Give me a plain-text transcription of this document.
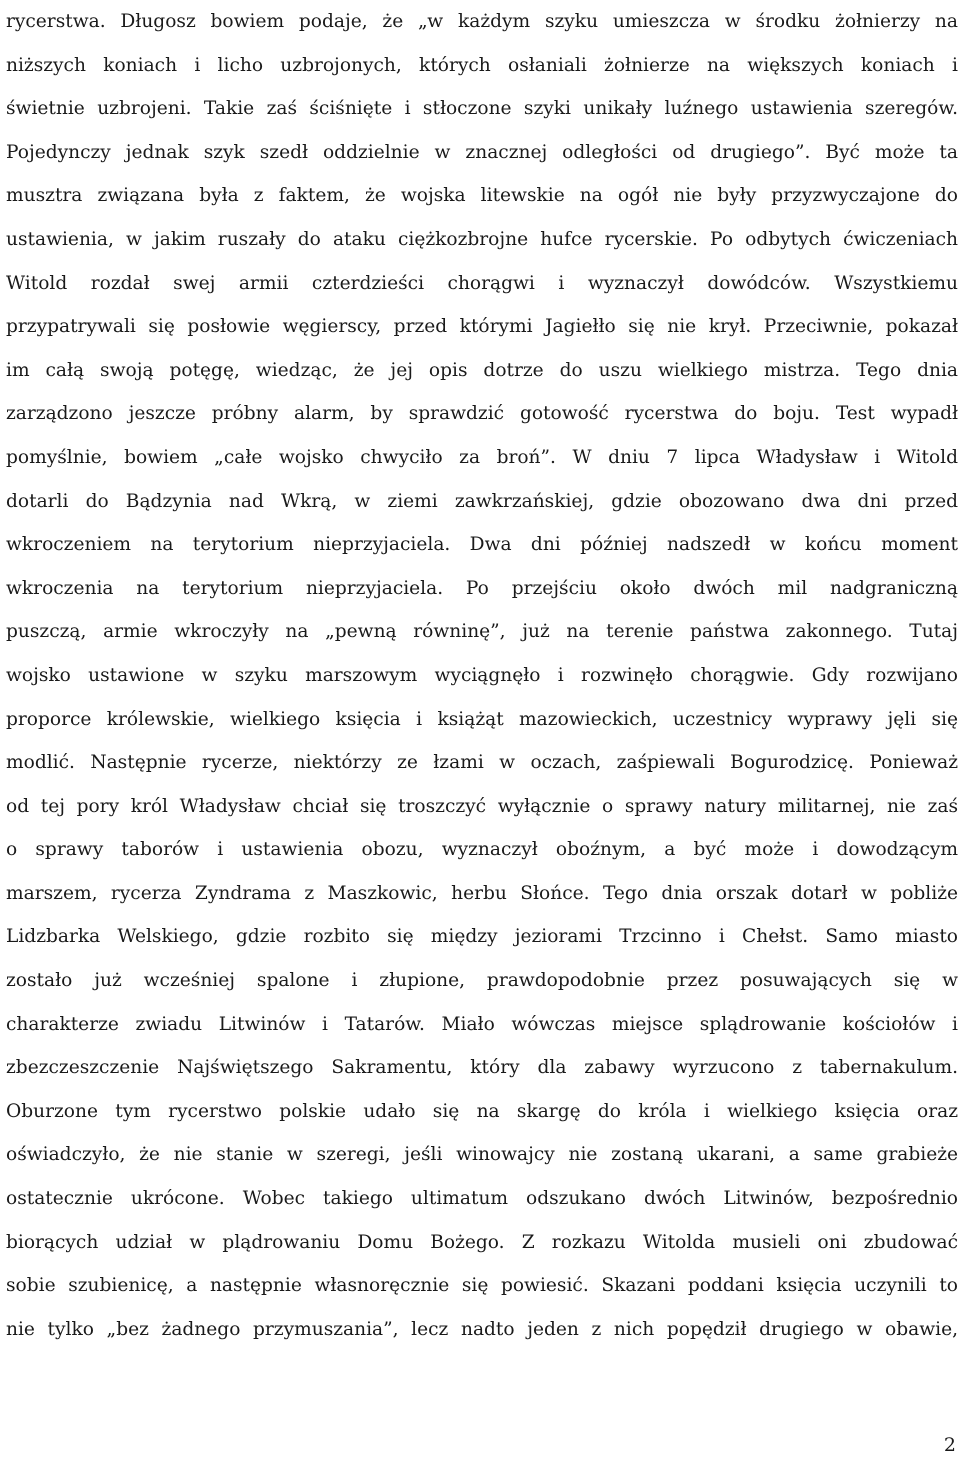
rycerstwa. Długosz bowiem podaje, że „w każdym szyku umieszcza w środku żołnierzy na
niższych koniach i licho uzbrojonych, których osłaniali żołnierze na większych koniach i
świetnie uzbrojeni. Takie zaś ściśnięte i stłoczone szyki unikały luźnego ustawienia szeregów.
Pojedynczy jednak szyk szedł oddzielnie w znacznej odległości od drugiego”. Być może ta
musztra związana była z faktem, że wojska litewskie na ogół nie były przyzwyczajone do
ustawienia, w jakim ruszały do ataku ciężkozbrojne hufce rycerskie. Po odbytych ćwiczeniach
Witold rozdał swej armii czterdzieści chorągwi i wyznaczył dowódców. Wszystkiemu
przypatrywali się posłowie węgierscy, przed którymi Jagiełło się nie krył. Przeciwnie, pokazał
im całą swoją potęgę, wiedząc, że jej opis dotrze do uszu wielkiego mistrza. Tego dnia
zarządzono jeszcze próbny alarm, by sprawdzić gotowość rycerstwa do boju. Test wypadł
pomyślnie, bowiem „całe wojsko chwyciło za broń”. W dniu 7 lipca Władysław i Witold
dotarli do Bądzynia nad Wkrą, w ziemi zawkrzańskiej, gdzie obozowano dwa dni przed
wkroczeniem na terytorium nieprzyjaciela. Dwa dni później nadszedł w końcu moment
wkroczenia na terytorium nieprzyjaciela. Po przejściu około dwóch mil nadgraniczną
puszczą, armie wkroczyły na „pewną równinę”, już na terenie państwa zakonnego. Tutaj
wojsko ustawione w szyku marszowym wyciągnęło i rozwinęło chorągwie. Gdy rozwijano
proporce królewskie, wielkiego księcia i książąt mazowieckich, uczestnicy wyprawy jęli się
modlić. Następnie rycerze, niektórzy ze łzami w oczach, zaśpiewali Bogurodzicę. Ponieważ
od tej pory król Władysław chciał się troszczyć wyłącznie o sprawy natury militarnej, nie zaś
o sprawy taborów i ustawienia obozu, wyznaczył oboźnym, a być może i dowodzącym
marszem, rycerza Zyndrama z Maszkowic, herbu Słońce. Tego dnia orszak dotarł w pobliże
Lidzbarka Welskiego, gdzie rozbito się między jeziorami Trzcinno i Chełst. Samo miasto
zostało już wcześniej spalone i złupione, prawdopodobnie przez posuwających się w
charakterze zwiadu Litwinów i Tatarów. Miało wówczas miejsce splądrowanie kościołów i
zbezczeszczenie Najświętszego Sakramentu, który dla zabawy wyrzucono z tabernakulum.
Oburzone tym rycerstwo polskie udało się na skargę do króla i wielkiego księcia oraz
oświadczyło, że nie stanie w szeregi, jeśli winowajcy nie zostaną ukarani, a same grabieże
ostatecznie ukrócone. Wobec takiego ultimatum odszukano dwóch Litwinów, bezpośrednio
biorących udział w plądrowaniu Domu Bożego. Z rozkazu Witolda musieli oni zbudować
sobie szubienicę, a następnie własnoręcznie się powiesić. Skazani poddani księcia uczynili to
nie tylko „bez żadnego przymuszania”, lecz nadto jeden z nich popędził drugiego w obawie,
2
